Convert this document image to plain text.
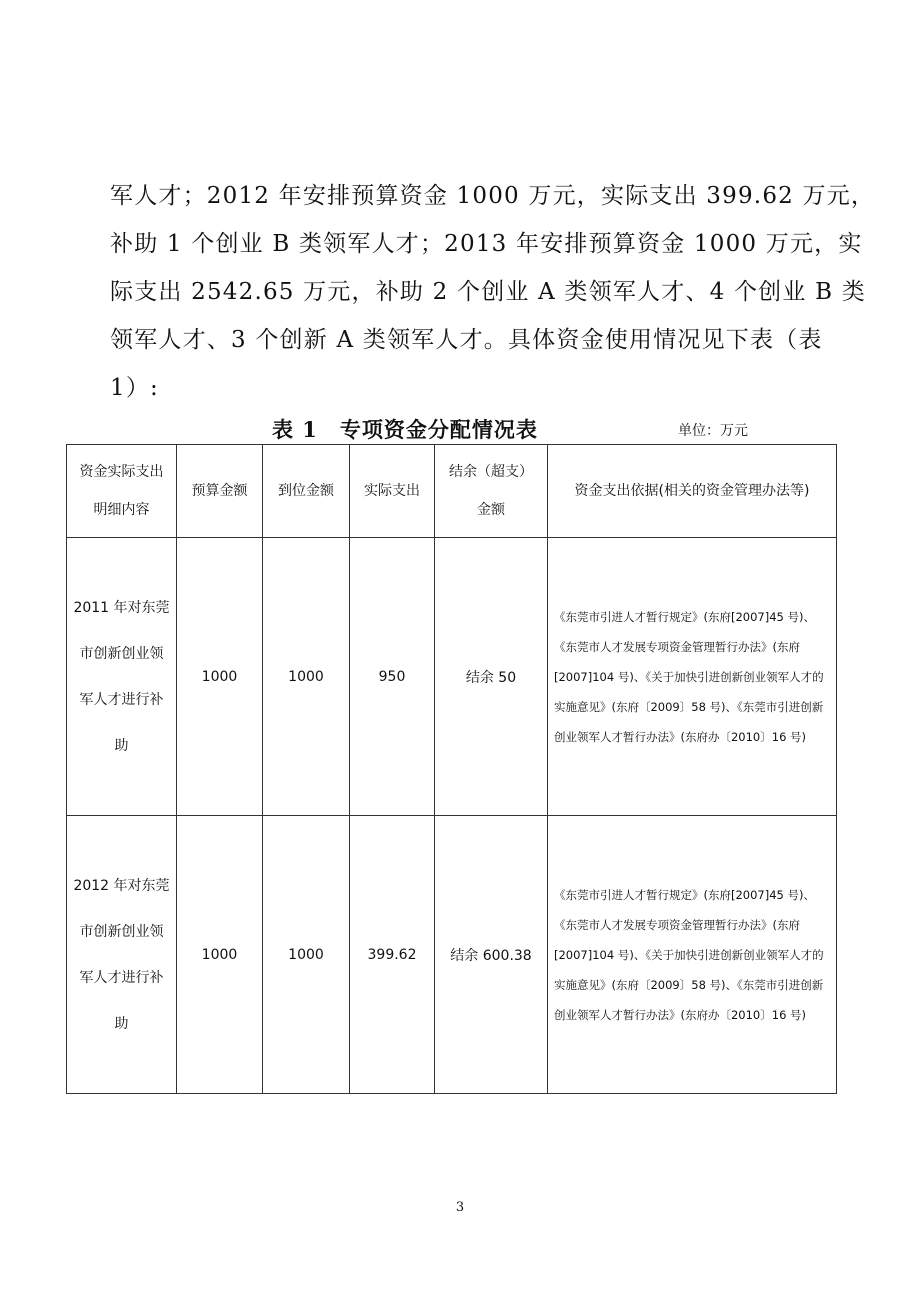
军人才；2012 年安排预算资金 1000 万元，实际支出 399.62 万元，

补助 1 个创业 B 类领军人才；2013 年安排预算资金 1000 万元，实

际支出 2542.65 万元，补助 2 个创业 A 类领军人才、4 个创业 B 类

领军人才、3 个创新 A 类领军人才。具体资金使用情况见下表（表

1）:

表 1　专项资金分配情况表	单位：万元
资金实际支出明细内容	预算金额	到位金额	实际支出	结余（超支）金额	资金支出依据(相关的资金管理办法等)
2011 年对东莞市创新创业领军人才进行补助	1000	1000	950	结余 50	《东莞市引进人才暂行规定》(东府[2007]45 号)、《东莞市人才发展专项资金管理暂行办法》(东府[2007]104 号)、《关于加快引进创新创业领军人才的实施意见》(东府〔2009〕58 号)、《东莞市引进创新创业领军人才暂行办法》(东府办〔2010〕16 号)
2012 年对东莞市创新创业领军人才进行补助	1000	1000	399.62	结余 600.38	《东莞市引进人才暂行规定》(东府[2007]45 号)、《东莞市人才发展专项资金管理暂行办法》(东府[2007]104 号)、《关于加快引进创新创业领军人才的实施意见》(东府〔2009〕58 号)、《东莞市引进创新创业领军人才暂行办法》(东府办〔2010〕16 号)
3
